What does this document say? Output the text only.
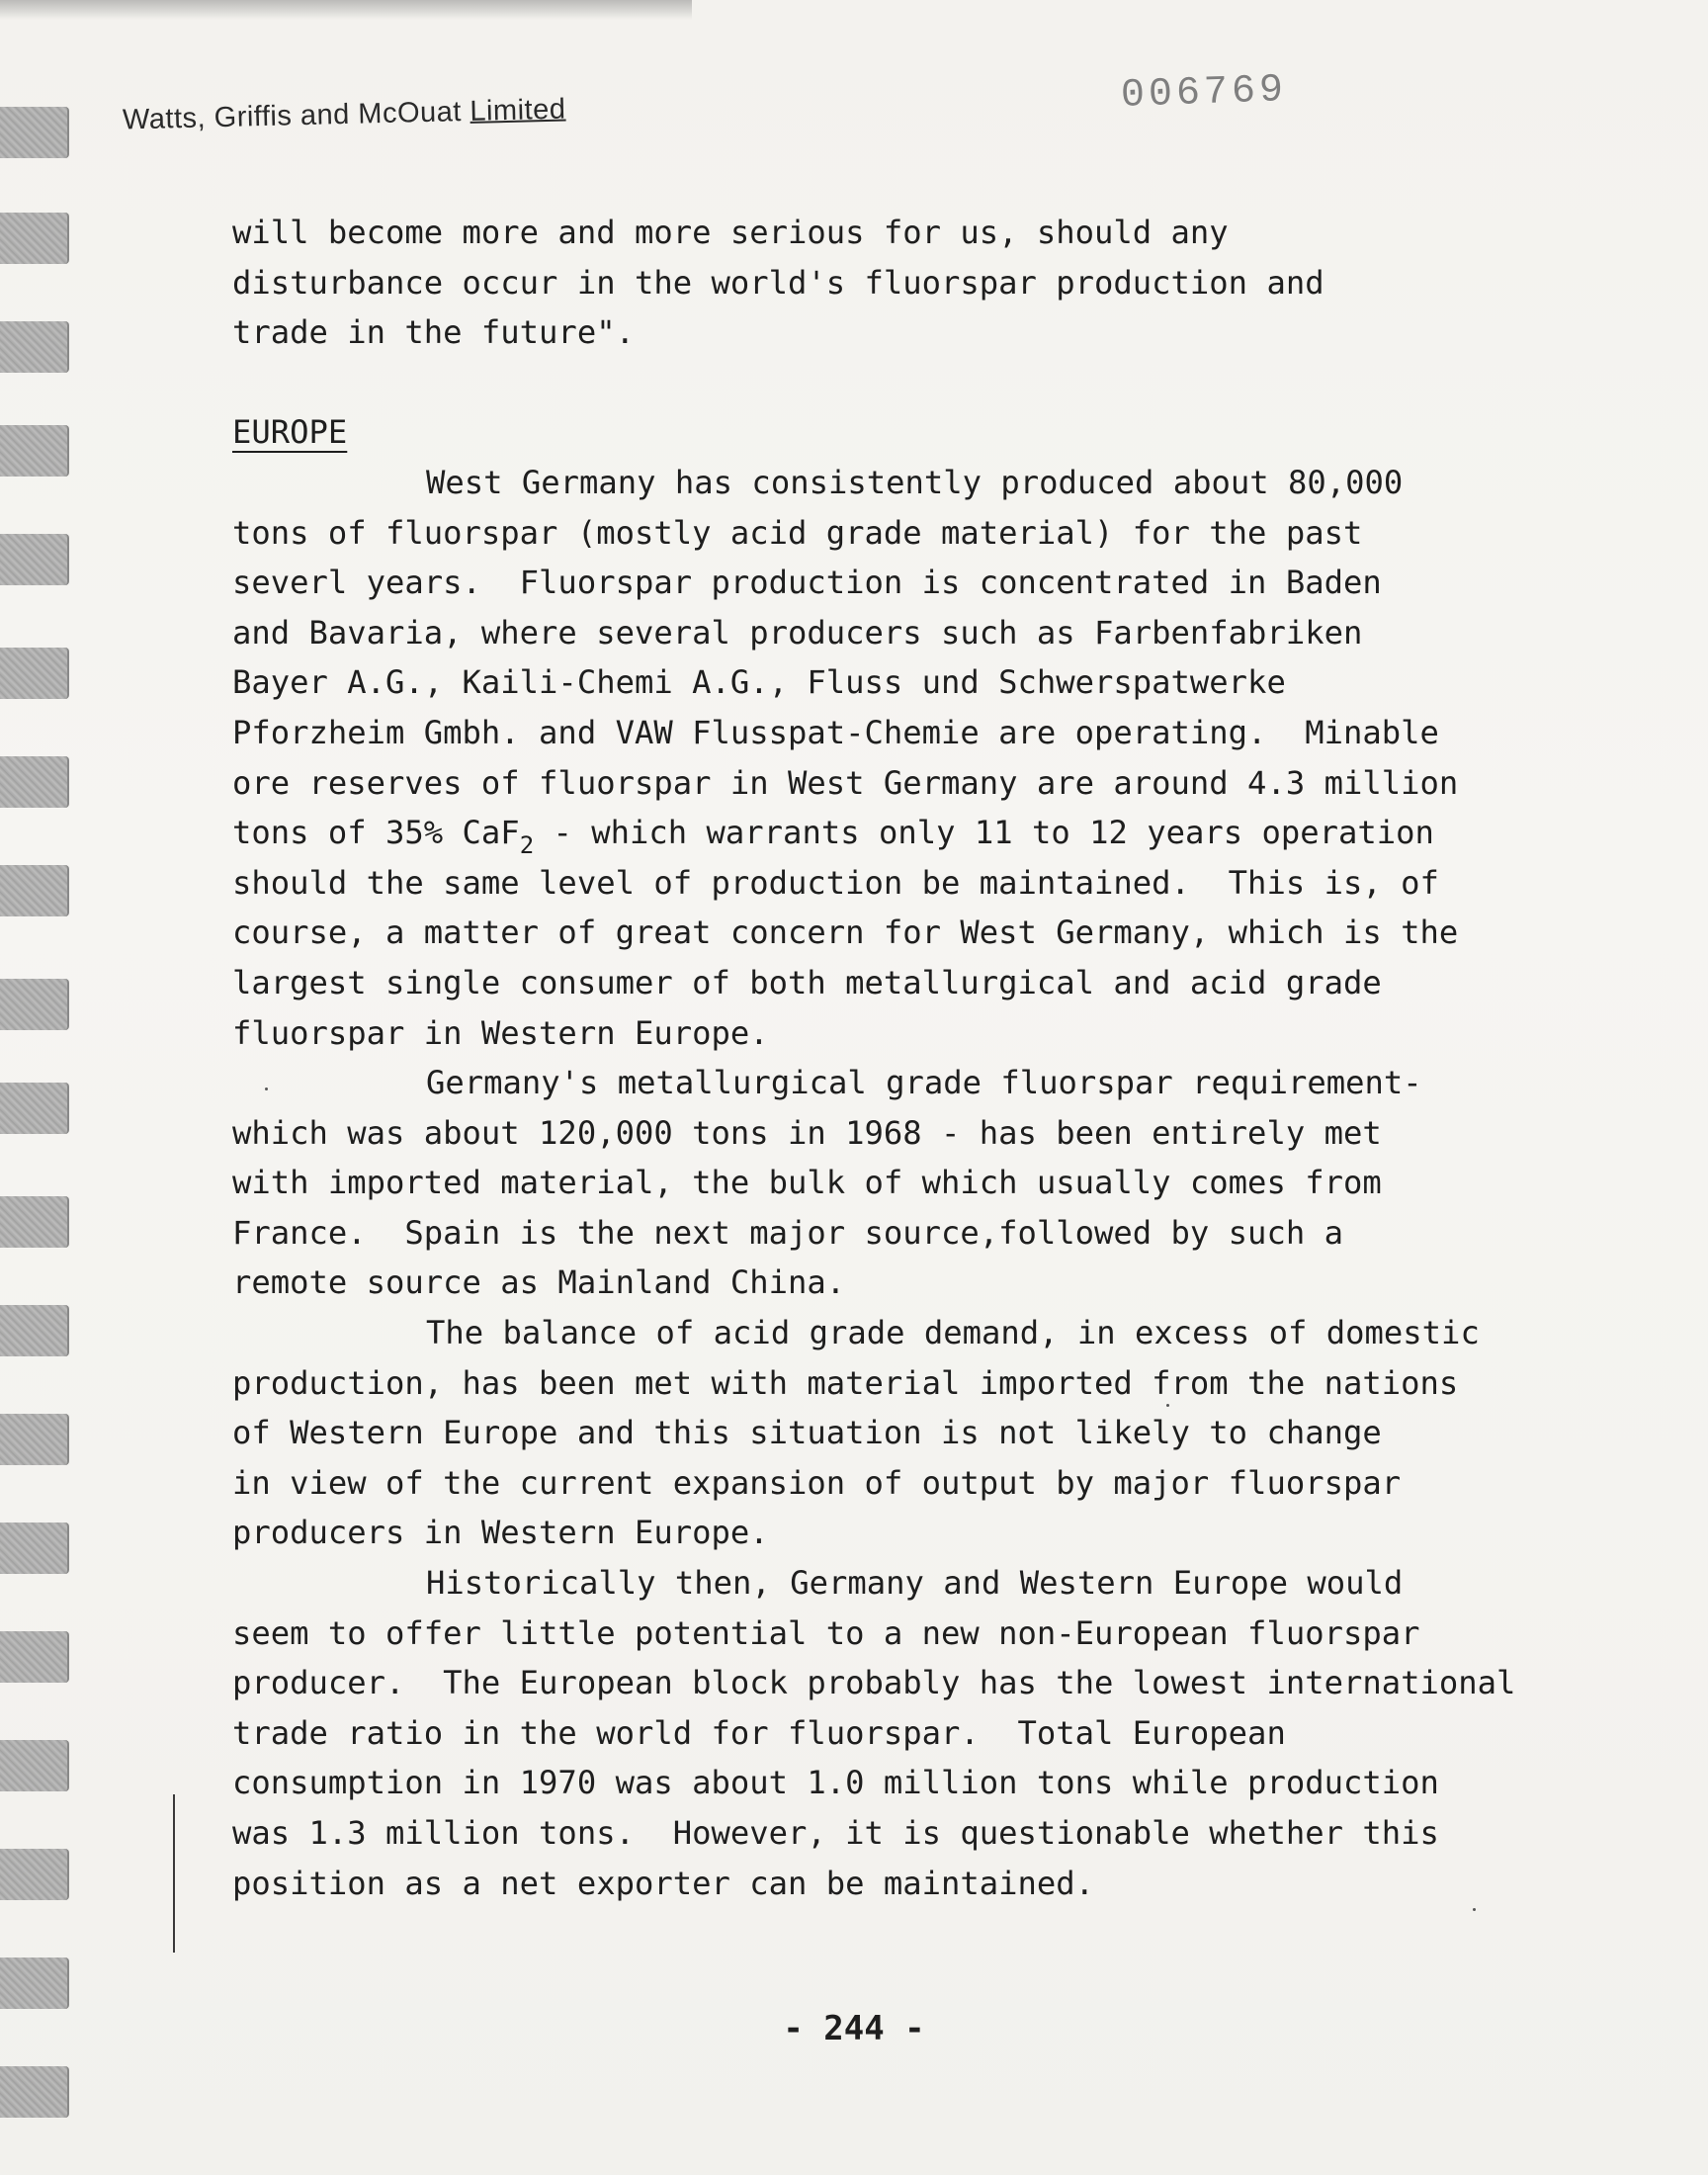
Watts, Griffis and McOuat Limited	006769
will become more and more serious for us, should any
disturbance occur in the world's fluorspar production and
trade in the future".
EUROPE
West Germany has consistently produced about 80,000
tons of fluorspar (mostly acid grade material) for the past
severl years.  Fluorspar production is concentrated in Baden
and Bavaria, where several producers such as Farbenfabriken
Bayer A.G., Kaili-Chemi A.G., Fluss und Schwerspatwerke
Pforzheim Gmbh. and VAW Flusspat-Chemie are operating.  Minable
ore reserves of fluorspar in West Germany are around 4.3 million
tons of 35% CaF$_2$ - which warrants only 11 to 12 years operation
should the same level of production be maintained.  This is, of
course, a matter of great concern for West Germany, which is the
largest single consumer of both metallurgical and acid grade
fluorspar in Western Europe.
Germany's metallurgical grade fluorspar requirement-
which was about 120,000 tons in 1968 - has been entirely met
with imported material, the bulk of which usually comes from
France.  Spain is the next major source,followed by such a
remote source as Mainland China.
The balance of acid grade demand, in excess of domestic
production, has been met with material imported from the nations
of Western Europe and this situation is not likely to change
in view of the current expansion of output by major fluorspar
producers in Western Europe.
Historically then, Germany and Western Europe would
seem to offer little potential to a new non-European fluorspar
producer.  The European block probably has the lowest international
trade ratio in the world for fluorspar.  Total European
consumption in 1970 was about 1.0 million tons while production
was 1.3 million tons.  However, it is questionable whether this
position as a net exporter can be maintained.
- 244 -
